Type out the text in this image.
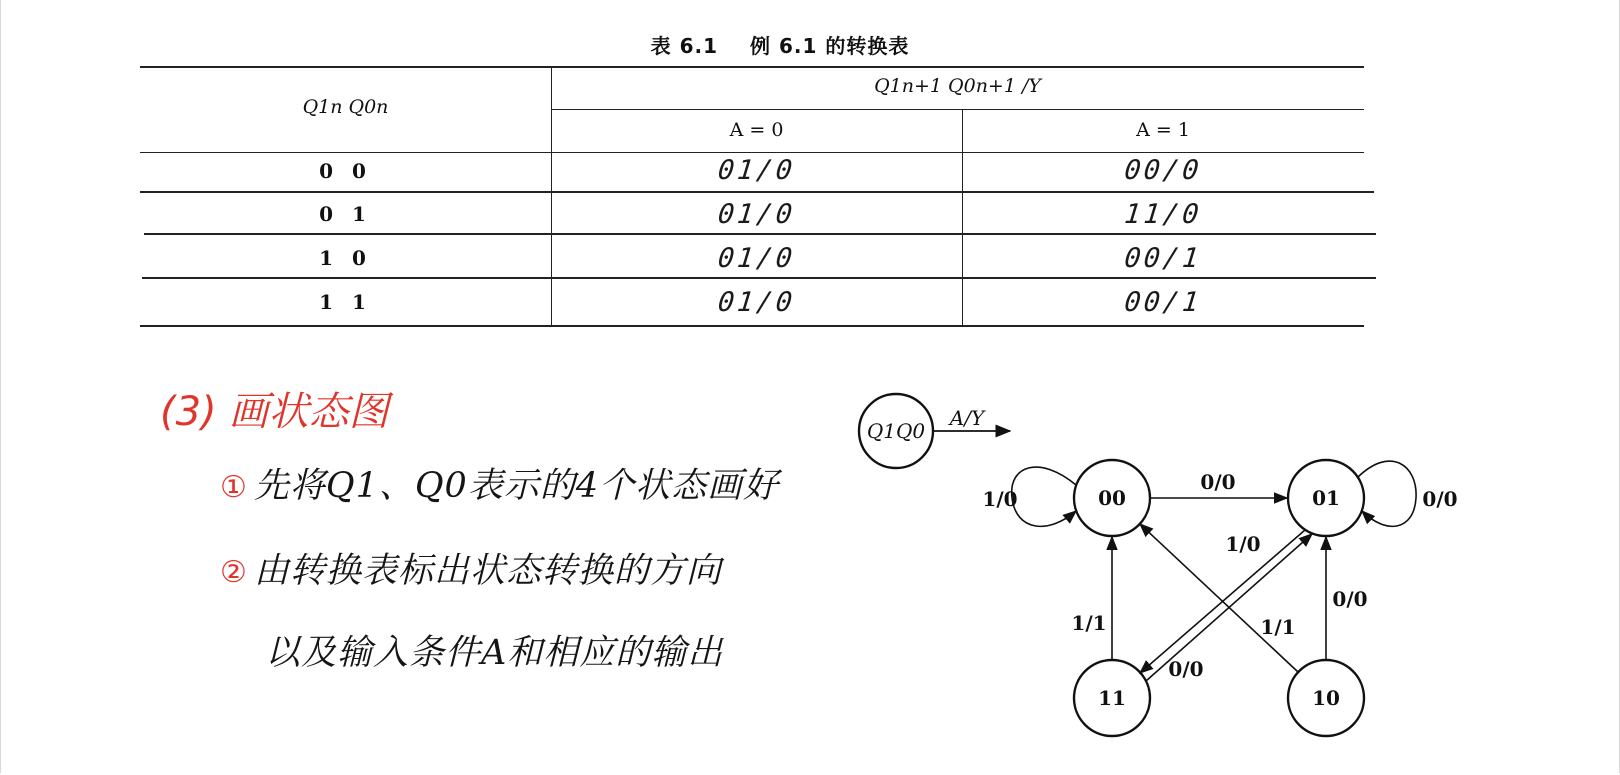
表 6.1 例 6.1 的转换表
Q1n Q0n
Q1n+1 Q0n+1 /Y
A = 0	A = 1
0 0	01/0	00/0
0 1	01/0	11/0
1 0	01/0	00/1
1 1	01/0	00/1
(3) 画状态图
① 先将Q1、Q0表示的4个状态画好
② 由转换表标出状态转换的方向
以及输入条件A和相应的输出
Q1Q0
A/Y
00	01
11	10
1/0
0/0
0/0
1/0
1/1
0/0
1/1
0/0
